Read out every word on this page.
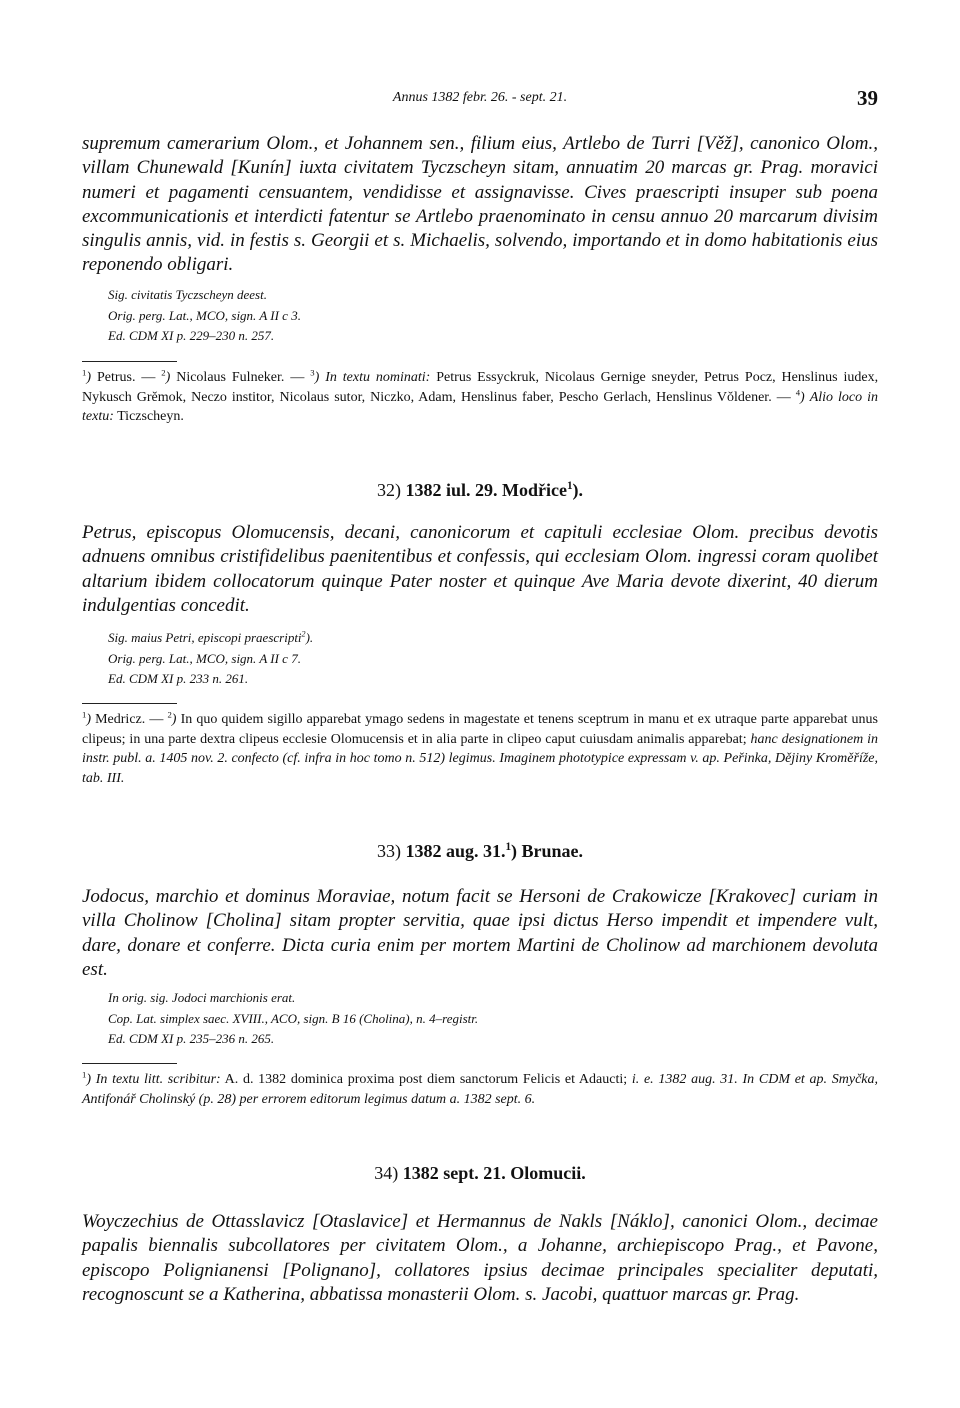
Annus 1382 febr. 26. - sept. 21.	39

supremum camerarium Olom., et Johannem sen., filium eius, Artlebo de Turri [Věž], canonico Olom., villam Chunewald [Kunín] iuxta civitatem Tyczscheyn sitam, annuatim 20 marcas gr. Prag. moravici numeri et pagamenti censuantem, vendidisse et assignavisse. Cives praescripti insuper sub poena excommunicationis et interdicti fatentur se Artlebo praenominato in censu annuo 20 marcarum divisim singulis annis, vid. in festis s. Georgii et s. Michaelis, solvendo, importando et in domo habitationis eius reponendo obligari.

Sig. civitatis Tyczscheyn deest.
Orig. perg. Lat., MCO, sign. A II c 3.
Ed. CDM XI p. 229–230 n. 257.

$^1$) Petrus. — $^2$) Nicolaus Fulneker. — $^3$) In textu nominati: Petrus Essyckruk, Nicolaus Gernige sneyder, Petrus Pocz, Henslinus iudex, Nykusch Grĕmok, Neczo institor, Nicolaus sutor, Niczko, Adam, Henslinus faber, Pescho Gerlach, Henslinus Vŏldener. — $^4$) Alio loco in textu: Ticzscheyn.

32) 1382 iul. 29. Modřice$^1$).

Petrus, episcopus Olomucensis, decani, canonicorum et capituli ecclesiae Olom. precibus devotis adnuens omnibus cristifidelibus paenitentibus et confessis, qui ecclesiam Olom. ingressi coram quolibet altarium ibidem collocatorum quinque Pater noster et quinque Ave Maria devote dixerint, 40 dierum indulgentias concedit.

Sig. maius Petri, episcopi praescripti$^2$).
Orig. perg. Lat., MCO, sign. A II c 7.
Ed. CDM XI p. 233 n. 261.

$^1$) Medricz. — $^2$) In quo quidem sigillo apparebat ymago sedens in magestate et tenens sceptrum in manu et ex utraque parte apparebat unus clipeus; in una parte dextra clipeus ecclesie Olomucensis et in alia parte in clipeo caput cuiusdam animalis apparebat; hanc designationem in instr. publ. a. 1405 nov. 2. confecto (cf. infra in hoc tomo n. 512) legimus. Imaginem phototypice expressam v. ap. Peřinka, Dějiny Kroměříže, tab. III.

33) 1382 aug. 31.$^1$) Brunae.

Jodocus, marchio et dominus Moraviae, notum facit se Hersoni de Crakowicze [Krakovec] curiam in villa Cholinow [Cholina] sitam propter servitia, quae ipsi dictus Herso impendit et impendere vult, dare, donare et conferre. Dicta curia enim per mortem Martini de Cholinow ad marchionem devoluta est.

In orig. sig. Jodoci marchionis erat.
Cop. Lat. simplex saec. XVIII., ACO, sign. B 16 (Cholina), n. 4–registr.
Ed. CDM XI p. 235–236 n. 265.

$^1$) In textu litt. scribitur: A. d. 1382 dominica proxima post diem sanctorum Felicis et Adaucti; i. e. 1382 aug. 31. In CDM et ap. Smyčka, Antifonář Cholinský (p. 28) per errorem editorum legimus datum a. 1382 sept. 6.

34) 1382 sept. 21. Olomucii.

Woyczechius de Ottasslavicz [Otaslavice] et Hermannus de Nakls [Náklo], canonici Olom., decimae papalis biennalis subcollatores per civitatem Olom., a Johanne, archiepiscopo Prag., et Pavone, episcopo Polignianensi [Polignano], collatores ipsius decimae principales specialiter deputati, recognoscunt se a Katherina, abbatissa monasterii Olom. s. Jacobi, quattuor marcas gr. Prag.
